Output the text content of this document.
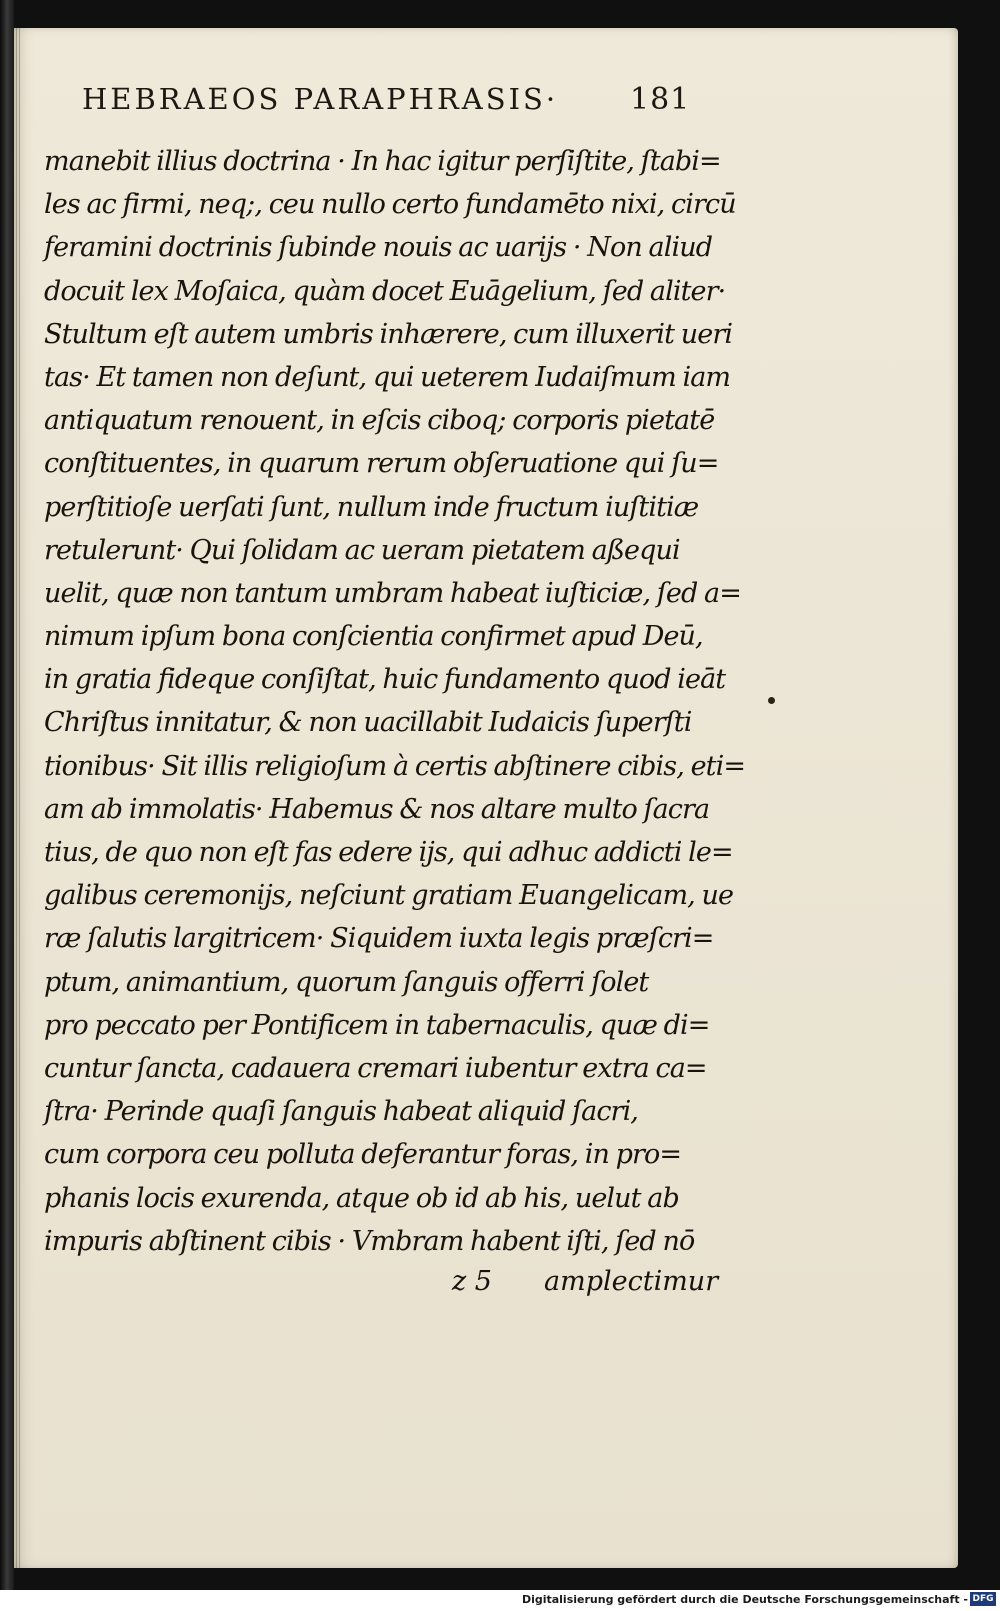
HEBRAEOS PARAPHRASIS·	181
manebit illius doctrina · In hac igitur perſiſtite, ſtabi=
les ac firmi, neq;, ceu nullo certo fundamēto nixi, circū
feramini doctrinis ſubinde nouis ac uarijs · Non aliud
docuit lex Moſaica, quàm docet Euāgelium, ſed aliter·
Stultum eſt autem umbris inhærere, cum illuxerit ueri
tas· Et tamen non deſunt, qui ueterem Iudaiſmum iam
antiquatum renouent, in eſcis ciboq; corporis pietatē
conſtituentes, in quarum rerum obſeruatione qui ſu=
perſtitioſe uerſati ſunt, nullum inde fructum iuſtitiæ
retulerunt· Qui ſolidam ac ueram pietatem aßequi
uelit, quæ non tantum umbram habeat iuſticiæ, ſed a=
nimum ipſum bona conſcientia confirmet apud Deū,
in gratia fideque conſiſtat, huic fundamento quod ieāt
Chriſtus innitatur, & non uacillabit Iudaicis ſuperſti
tionibus· Sit illis religioſum à certis abſtinere cibis, eti=
am ab immolatis· Habemus & nos altare multo ſacra
tius, de quo non eſt fas edere ijs, qui adhuc addicti le=
galibus ceremonijs, neſciunt gratiam Euangelicam, ue
ræ ſalutis largitricem· Siquidem iuxta legis præſcri=
ptum, animantium, quorum ſanguis offerri ſolet
pro peccato per Pontificem in tabernaculis, quæ di=
cuntur ſancta, cadauera cremari iubentur extra ca=
ſtra· Perinde quaſi ſanguis habeat aliquid ſacri,
cum corpora ceu polluta deferantur foras, in pro=
phanis locis exurenda, atque ob id ab his, uelut ab
impuris abſtinent cibis · Vmbram habent iſti, ſed nō
z 5 amplectimur
Digitalisierung gefördert durch die Deutsche Forschungsgemeinschaft - DFG
